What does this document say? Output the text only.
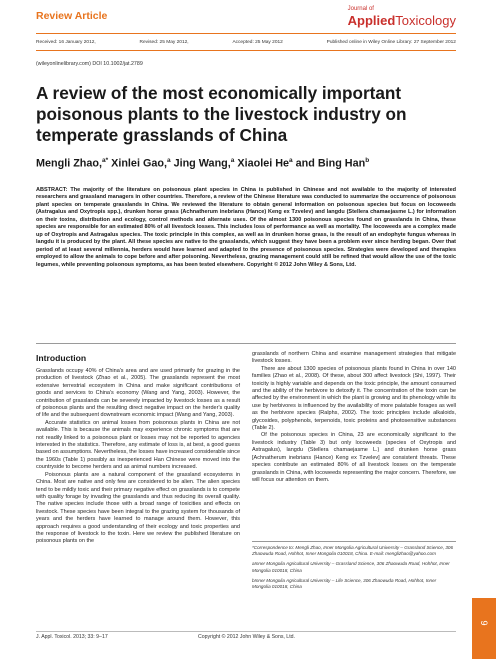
Review Article
Journal of
AppliedToxicology
Received: 16 January 2012,	Revised: 25 May 2012,	Accepted: 25 May 2012	Published online in Wiley Online Library: 27 September 2012
(wileyonlinelibrary.com) DOI 10.1002/jat.2789
A review of the most economically important poisonous plants to the livestock industry on temperate grasslands of China
Mengli Zhao,$^{a*}$ Xinlei Gao,$^a$ Jing Wang,$^a$ Xiaolei He$^a$ and Bing Han$^b$
ABSTRACT: The majority of the literature on poisonous plant species in China is published in Chinese and not available to the majority of interested researchers and grassland managers in other countries. Therefore, a review of the Chinese literature was conducted to summarize the occurrence of poisonous plant species on temperate grasslands in China. We reviewed the literature to obtain general information on poisonous species but focus on locoweeds (Astragalus and Oxytropis spp.), drunken horse grass (Achnatherum inebrians (Hance) Keng ex Tzvelev) and langdu (Stellera chamaejasme L.) for information on their toxins, distribution and ecology, control methods and alternate uses. Of the almost 1300 poisonous species found on grasslands in China, these species are responsible for an estimated 80% of all livestock losses. This includes loss of performance as well as mortality. The locoweeds are a complex made up of Oxytropis and Astragalus species. The toxic principle in this complex, as well as in drunken horse grass, is the result of an endophyte fungus whereas in langdu it is produced by the plant. All these species are native to the grasslands, which suggest they have been a problem ever since herding began. Over that period of at least several millennia, herders would have learned and adapted to the presence of poisonous species. Strategies were developed and therapies employed to allow the animals to cope before and after poisoning. Nevertheless, grazing management could still be refined that would allow the use of the toxic legumes, while preventing poisonous symptoms, as has been tested elsewhere. Copyright © 2012 John Wiley & Sons, Ltd.
Introduction

Grasslands occupy 40% of China's area and are used primarily for grazing in the production of livestock (Zhao et al., 2005). The grasslands represent the most extensive terrestrial ecosystem in China and make significant contributions of goods and services to China's economy (Wang and Yang, 2003). However, the contribution of grasslands can be severely impacted by livestock losses as a result of poisonous plants and the resulting direct negative impact on the herder's quality of life and the subsequent downstream economic impact (Wang and Yang, 2003).

Accurate statistics on animal losses from poisonous plants in China are not available. This is because the animals may experience chronic symptoms that are not readily linked to a poisonous plant or losses may not be reported to agencies interested in the statistics. Therefore, any estimate of loss is, at best, a good guess based on assumptions. Nevertheless, the losses have increased considerable since the 1960s (Table 1) possibly as inexperienced Han Chinese were moved into the countryside to become herders and as animal numbers increased.

Poisonous plants are a natural component of the grassland ecosystems in China. Most are native and only few are considered to be alien. The alien species tend to be mildly toxic and their primary negative effect on grasslands is to compete with quality forage by invading the grasslands and thus reducing its overall quality. The native species include those with a broad range of toxicities and effects on livestock. These species have been integral to the grazing system for thousands of years and the herders have learned to manage around them. However, this approach requires a good understanding of their ecology and toxic properties and the response of livestock to the toxin. Here we review the published literature on poisonous plants on the

grasslands of northern China and examine management strategies that mitigate livestock losses.

There are about 1300 species of poisonous plants found in China in over 140 families (Zhao et al., 2008). Of these, about 300 affect livestock (Shi, 1997). Their toxicity is highly variable and depends on the toxic principle, the amount consumed and the ability of the herbivore to detoxify it. The concentration of the toxin can be affected by the environment in which the plant is growing and its phenology while its use by herbivores is influenced by the availability of more palatable forages as well as the herbivore species (Ralphs, 2002). The toxic principles include alkaloids, glycosides, polyphenols, terpenoids, toxic proteins and photosensitive substances (Table 2).

Of the poisonous species in China, 23 are economically significant to the livestock industry (Table 3) but only locoweeds (species of Oxytropis and Astragalus), langdu (Stellera chamaejasme L.) and drunken horse grass [Achnatherum inebrians (Hance) Keng ex Tzvelev] are consistent threats. These species contribute an estimated 80% of all livestock losses on the temperate grasslands in China, with locoweeds representing the major concern. Therefore, we will focus our attention on them.

*Correspondence to: Mengli Zhao, Inner Mongolia Agricultural University – Grassland Science, 306 Zhaowuda Road, Hohhot, Inner Mongolia 010018, China. E-mail: menglizhao@yahoo.com

aInner Mongolia Agricultural University – Grassland Science, 306 Zhaowuda Road, Hohhot, Inner Mongolia 010018, China

bInner Mongolia Agricultural University – Life Science, 306 Zhaowuda Road, Hohhot, Inner Mongolia 010018, China

J. Appl. Toxicol. 2013; 33: 9–17	Copyright © 2012 John Wiley & Sons, Ltd.
9
